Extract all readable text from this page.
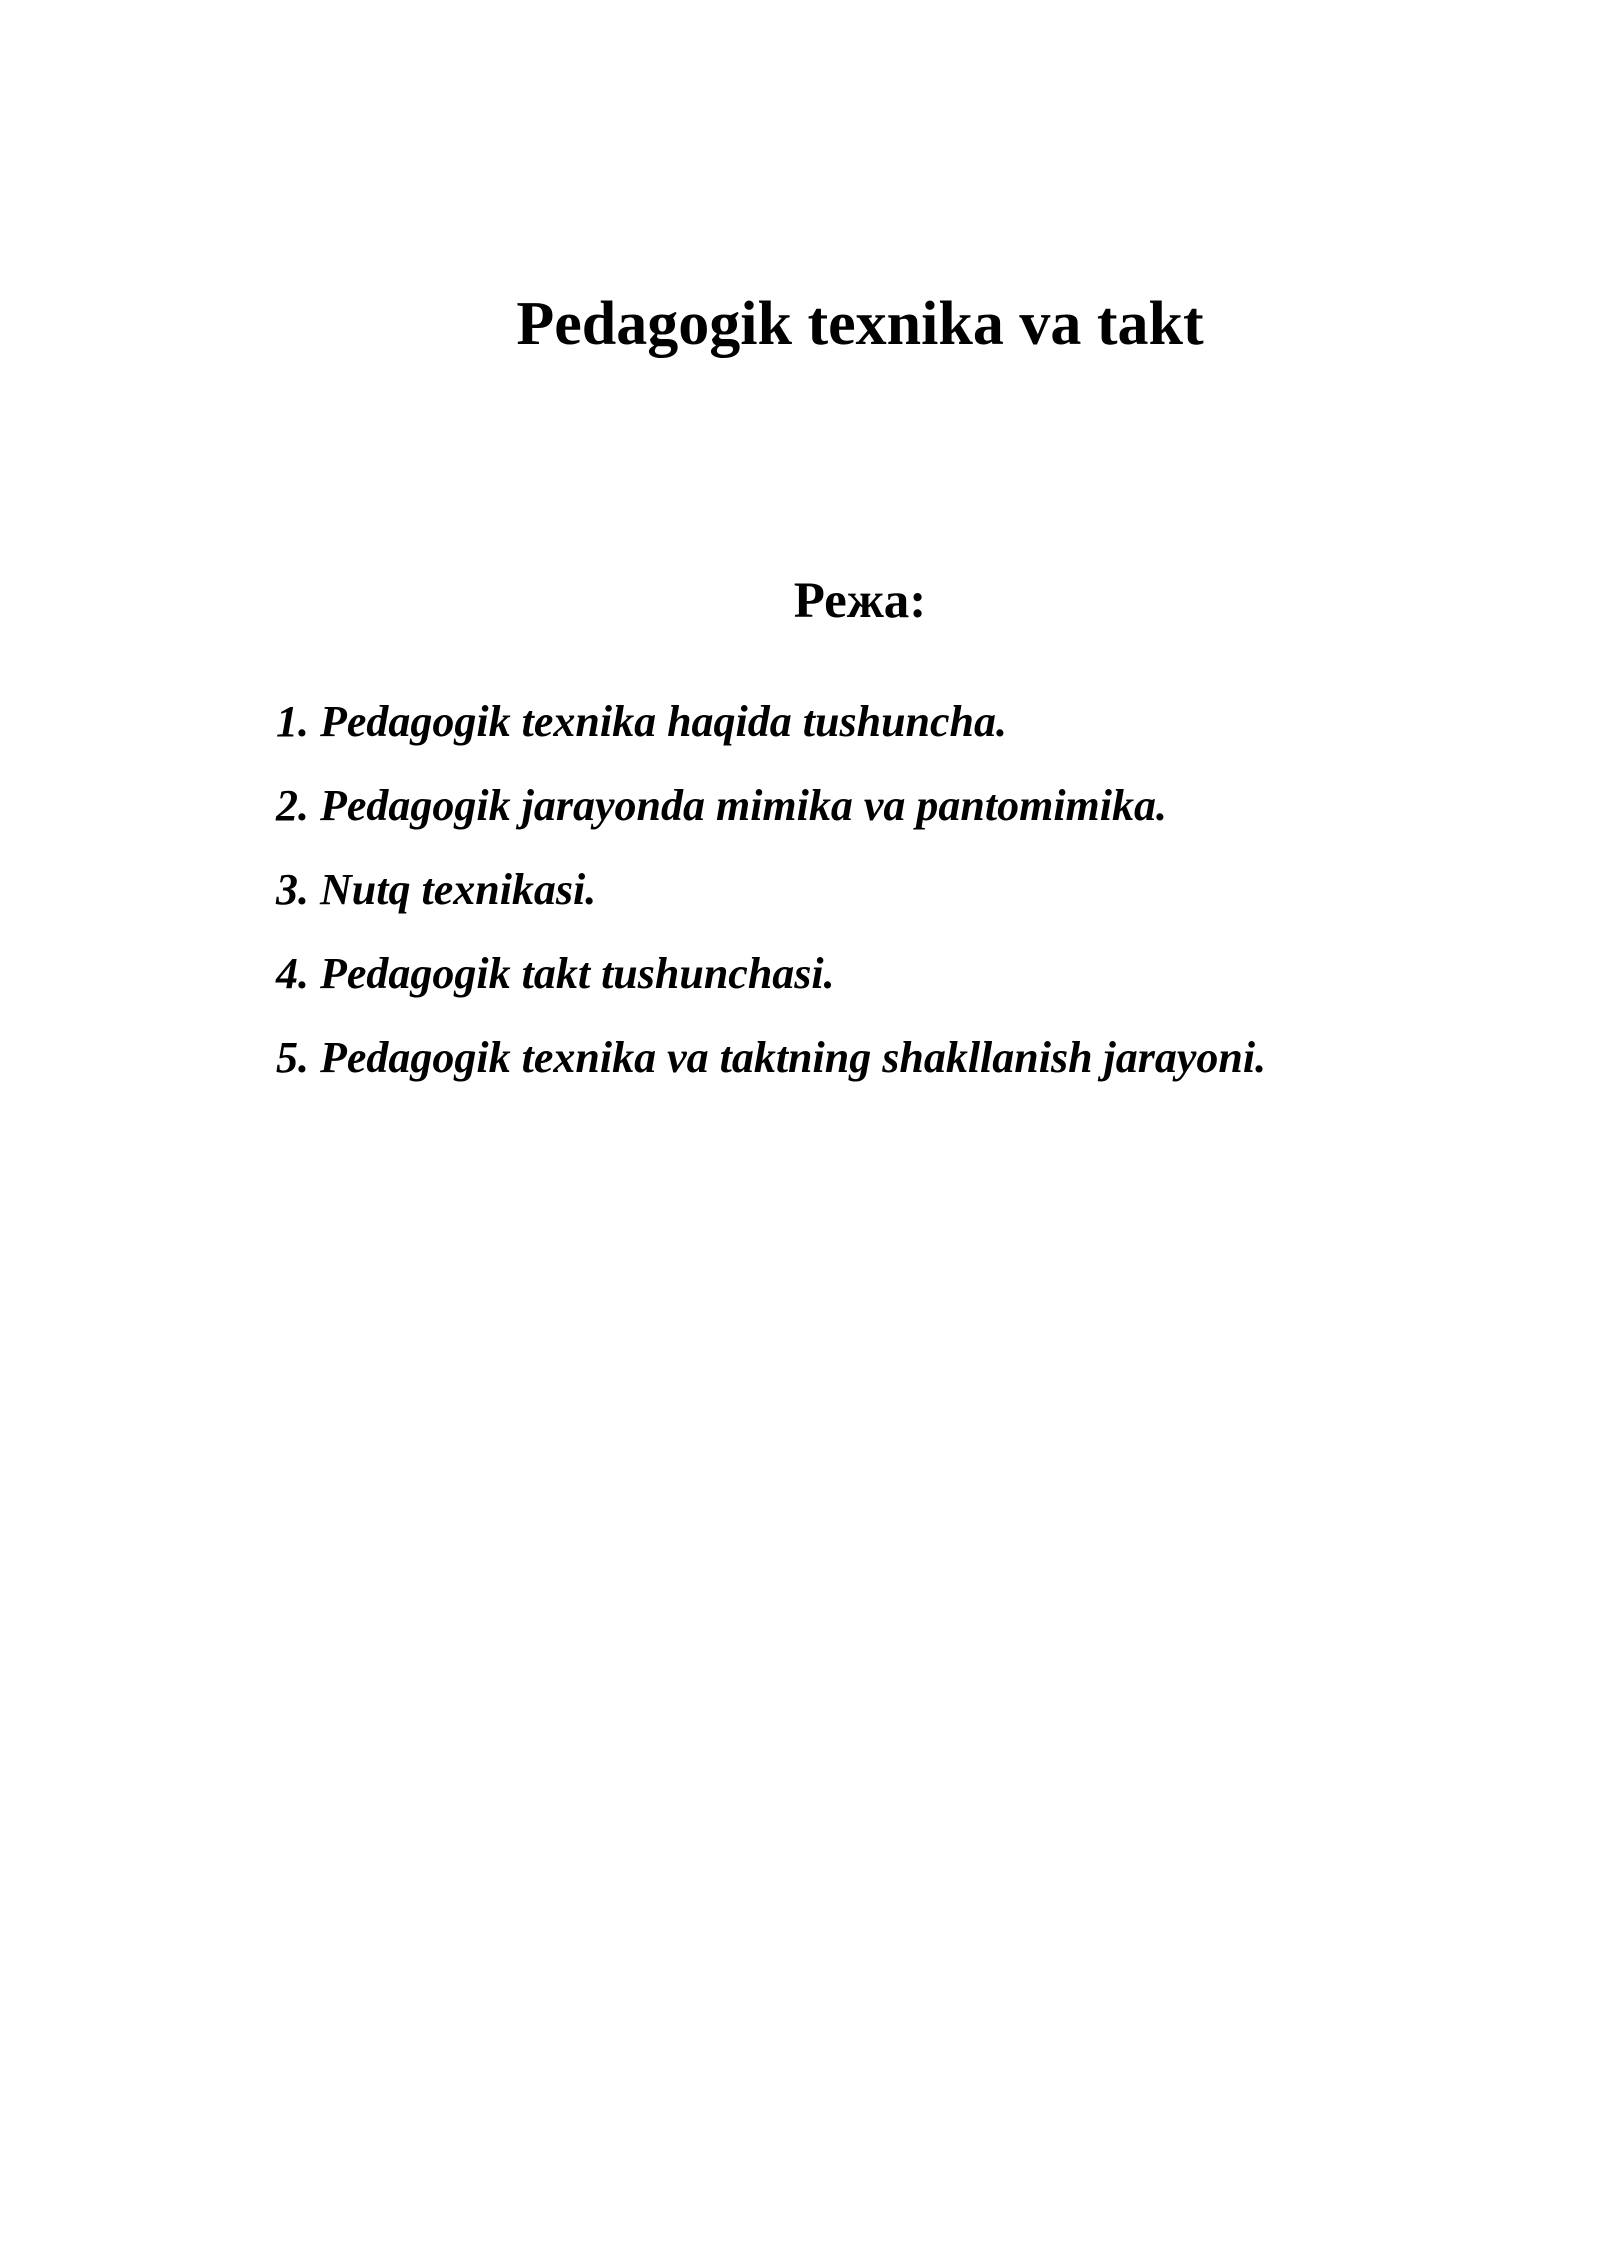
Pedagogik texnika va takt
Режа:
1. Pedagogik texnika haqida tushuncha.
2. Pedagogik jarayonda mimika va pantomimika.
3. Nutq texnikasi.
4. Pedagogik takt tushunchasi.
5. Pedagogik texnika va taktning shakllanish jarayoni.
